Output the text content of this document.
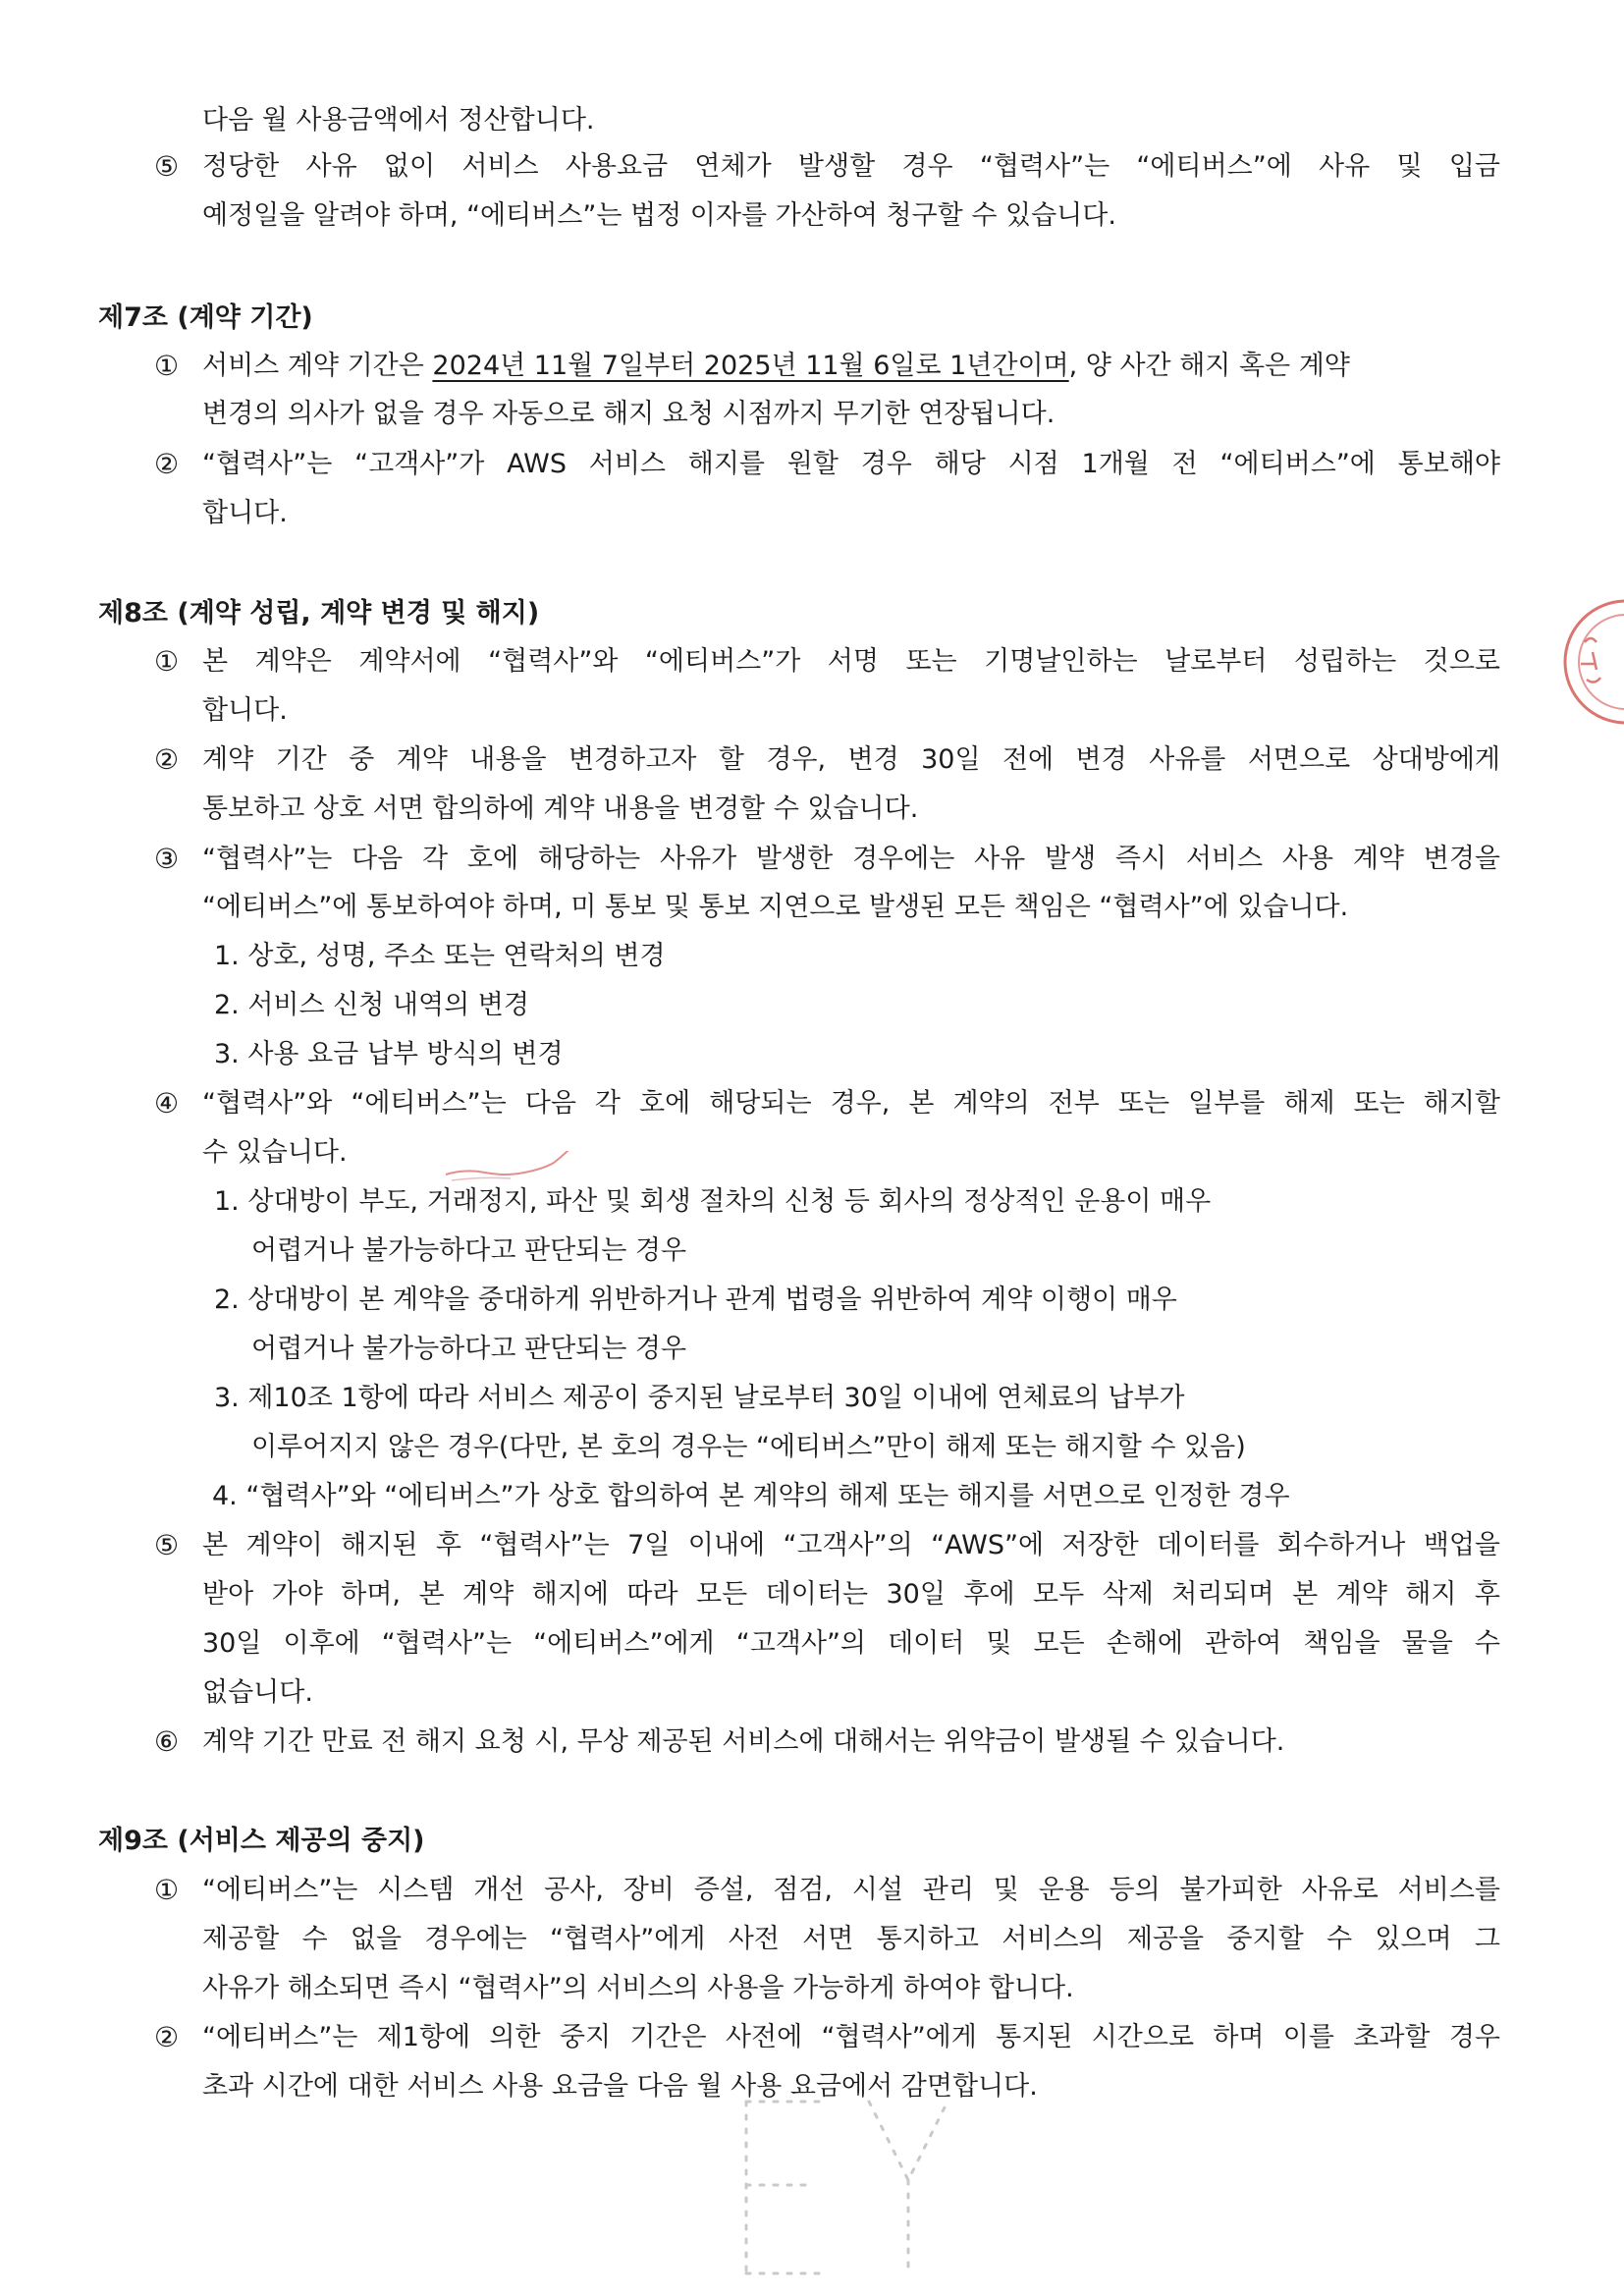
다음 월 사용금액에서 정산합니다.
⑤ 정당한 사유 없이 서비스 사용요금 연체가 발생할 경우 “협력사”는 “에티버스”에 사유 및 입금
예정일을 알려야 하며, “에티버스”는 법정 이자를 가산하여 청구할 수 있습니다.
제7조 (계약 기간)
① 서비스 계약 기간은 2024년 11월 7일부터 2025년 11월 6일로 1년간이며, 양 사간 해지 혹은 계약
변경의 의사가 없을 경우 자동으로 해지 요청 시점까지 무기한 연장됩니다.
② “협력사”는 “고객사”가 AWS 서비스 해지를 원할 경우 해당 시점 1개월 전 “에티버스”에 통보해야
합니다.
제8조 (계약 성립, 계약 변경 및 해지)
① 본 계약은 계약서에 “협력사”와 “에티버스”가 서명 또는 기명날인하는 날로부터 성립하는 것으로
합니다.
② 계약 기간 중 계약 내용을 변경하고자 할 경우, 변경 30일 전에 변경 사유를 서면으로 상대방에게
통보하고 상호 서면 합의하에 계약 내용을 변경할 수 있습니다.
③ “협력사”는 다음 각 호에 해당하는 사유가 발생한 경우에는 사유 발생 즉시 서비스 사용 계약 변경을
“에티버스”에 통보하여야 하며, 미 통보 및 통보 지연으로 발생된 모든 책임은 “협력사”에 있습니다.
1. 상호, 성명, 주소 또는 연락처의 변경
2. 서비스 신청 내역의 변경
3. 사용 요금 납부 방식의 변경
④ “협력사”와 “에티버스”는 다음 각 호에 해당되는 경우, 본 계약의 전부 또는 일부를 해제 또는 해지할
수 있습니다.
1. 상대방이 부도, 거래정지, 파산 및 회생 절차의 신청 등 회사의 정상적인 운용이 매우
어렵거나 불가능하다고 판단되는 경우
2. 상대방이 본 계약을 중대하게 위반하거나 관계 법령을 위반하여 계약 이행이 매우
어렵거나 불가능하다고 판단되는 경우
3. 제10조 1항에 따라 서비스 제공이 중지된 날로부터 30일 이내에 연체료의 납부가
이루어지지 않은 경우(다만, 본 호의 경우는 “에티버스”만이 해제 또는 해지할 수 있음)
4. “협력사”와 “에티버스”가 상호 합의하여 본 계약의 해제 또는 해지를 서면으로 인정한 경우
⑤ 본 계약이 해지된 후 “협력사”는 7일 이내에 “고객사”의 “AWS”에 저장한 데이터를 회수하거나 백업을
받아 가야 하며, 본 계약 해지에 따라 모든 데이터는 30일 후에 모두 삭제 처리되며 본 계약 해지 후
30일 이후에 “협력사”는 “에티버스”에게 “고객사”의 데이터 및 모든 손해에 관하여 책임을 물을 수
없습니다.
⑥ 계약 기간 만료 전 해지 요청 시, 무상 제공된 서비스에 대해서는 위약금이 발생될 수 있습니다.
제9조 (서비스 제공의 중지)
① “에티버스”는 시스템 개선 공사, 장비 증설, 점검, 시설 관리 및 운용 등의 불가피한 사유로 서비스를
제공할 수 없을 경우에는 “협력사”에게 사전 서면 통지하고 서비스의 제공을 중지할 수 있으며 그
사유가 해소되면 즉시 “협력사”의 서비스의 사용을 가능하게 하여야 합니다.
② “에티버스”는 제1항에 의한 중지 기간은 사전에 “협력사”에게 통지된 시간으로 하며 이를 초과할 경우
초과 시간에 대한 서비스 사용 요금을 다음 월 사용 요금에서 감면합니다.
